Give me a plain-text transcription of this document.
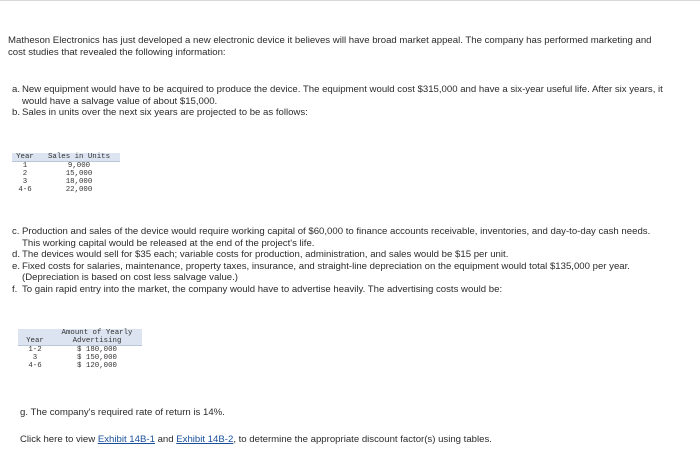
Matheson Electronics has just developed a new electronic device it believes will have broad market appeal. The company has performed marketing and cost studies that revealed the following information:

a. New equipment would have to be acquired to produce the device. The equipment would cost $315,000 and have a six-year useful life. After six years, it would have a salvage value of about $15,000.
b. Sales in units over the next six years are projected to be as follows:
Year	Sales in Units
1	9,000
2	15,000
3	18,000
4-6	22,000
c. Production and sales of the device would require working capital of $60,000 to finance accounts receivable, inventories, and day-to-day cash needs. This working capital would be released at the end of the project's life.
d. The devices would sell for $35 each; variable costs for production, administration, and sales would be $15 per unit.
e. Fixed costs for salaries, maintenance, property taxes, insurance, and straight-line depreciation on the equipment would total $135,000 per year. (Depreciation is based on cost less salvage value.)
f. To gain rapid entry into the market, the company would have to advertise heavily. The advertising costs would be:
Year	Amount of Yearly Advertising
1-2	$ 180,000
3	$ 150,000
4-6	$ 120,000

g. The company's required rate of return is 14%.

Click here to view Exhibit 14B-1 and Exhibit 14B-2, to determine the appropriate discount factor(s) using tables.
